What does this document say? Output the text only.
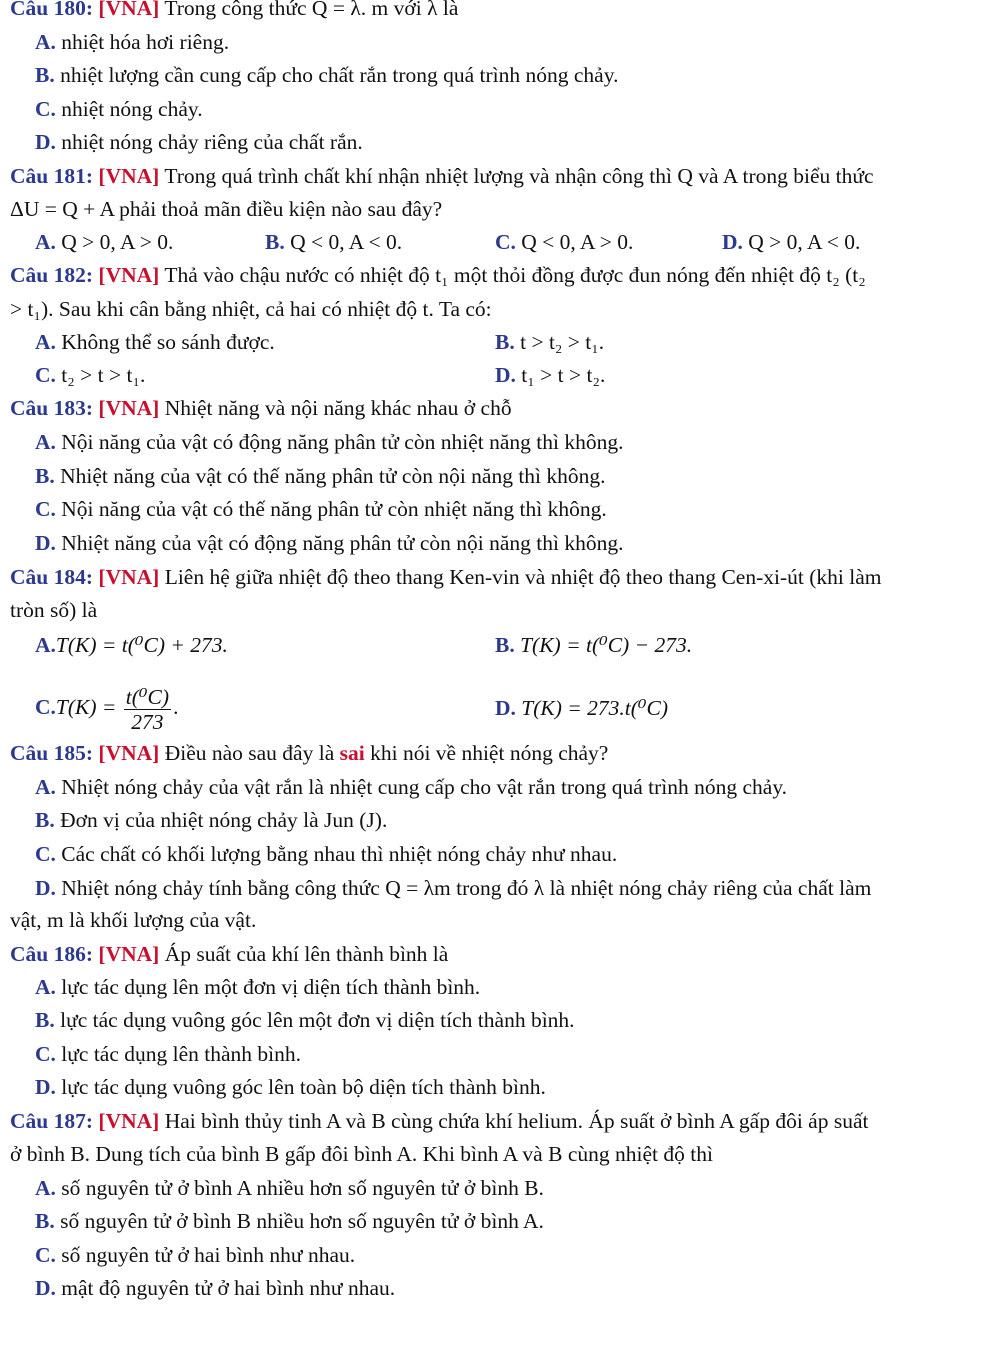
Câu 180: [VNA] Trong công thức Q = λ. m với λ là
A. nhiệt hóa hơi riêng.
B. nhiệt lượng cần cung cấp cho chất rắn trong quá trình nóng chảy.
C. nhiệt nóng chảy.
D. nhiệt nóng chảy riêng của chất rắn.
Câu 181: [VNA] Trong quá trình chất khí nhận nhiệt lượng và nhận công thì Q và A trong biểu thức
ΔU = Q + A phải thoả mãn điều kiện nào sau đây?
A. Q > 0, A > 0.	B. Q < 0, A < 0.	C. Q < 0, A > 0.	D. Q > 0, A < 0.
Câu 182: [VNA] Thả vào chậu nước có nhiệt độ t₁ một thỏi đồng được đun nóng đến nhiệt độ t₂ (t₂
> t₁). Sau khi cân bằng nhiệt, cả hai có nhiệt độ t. Ta có:
A. Không thể so sánh được.	B. t > t₂ > t₁.
C. t₂ > t > t₁.	D. t₁ > t > t₂.
Câu 183: [VNA] Nhiệt năng và nội năng khác nhau ở chỗ
A. Nội năng của vật có động năng phân tử còn nhiệt năng thì không.
B. Nhiệt năng của vật có thế năng phân tử còn nội năng thì không.
C. Nội năng của vật có thế năng phân tử còn nhiệt năng thì không.
D. Nhiệt năng của vật có động năng phân tử còn nội năng thì không.
Câu 184: [VNA] Liên hệ giữa nhiệt độ theo thang Ken-vin và nhiệt độ theo thang Cen-xi-út (khi làm
tròn số) là
A.T(K) = t(⁰C) + 273.	B. T(K) = t(⁰C) − 273.
$C.T(K) = \frac{\text{t(⁰C)}}{273}$ .	D. T(K) = 273.t(⁰C)
Câu 185: [VNA] Điều nào sau đây là sai khi nói về nhiệt nóng chảy?
A. Nhiệt nóng chảy của vật rắn là nhiệt cung cấp cho vật rắn trong quá trình nóng chảy.
B. Đơn vị của nhiệt nóng chảy là Jun (J).
C. Các chất có khối lượng bằng nhau thì nhiệt nóng chảy như nhau.
D. Nhiệt nóng chảy tính bằng công thức Q = λm trong đó λ là nhiệt nóng chảy riêng của chất làm
vật, m là khối lượng của vật.
Câu 186: [VNA] Áp suất của khí lên thành bình là
A. lực tác dụng lên một đơn vị diện tích thành bình.
B. lực tác dụng vuông góc lên một đơn vị diện tích thành bình.
C. lực tác dụng lên thành bình.
D. lực tác dụng vuông góc lên toàn bộ diện tích thành bình.
Câu 187: [VNA] Hai bình thủy tinh A và B cùng chứa khí helium. Áp suất ở bình A gấp đôi áp suất
ở bình B. Dung tích của bình B gấp đôi bình A. Khi bình A và B cùng nhiệt độ thì
A. số nguyên tử ở bình A nhiều hơn số nguyên tử ở bình B.
B. số nguyên tử ở bình B nhiều hơn số nguyên tử ở bình A.
C. số nguyên tử ở hai bình như nhau.
D. mật độ nguyên tử ở hai bình như nhau.
